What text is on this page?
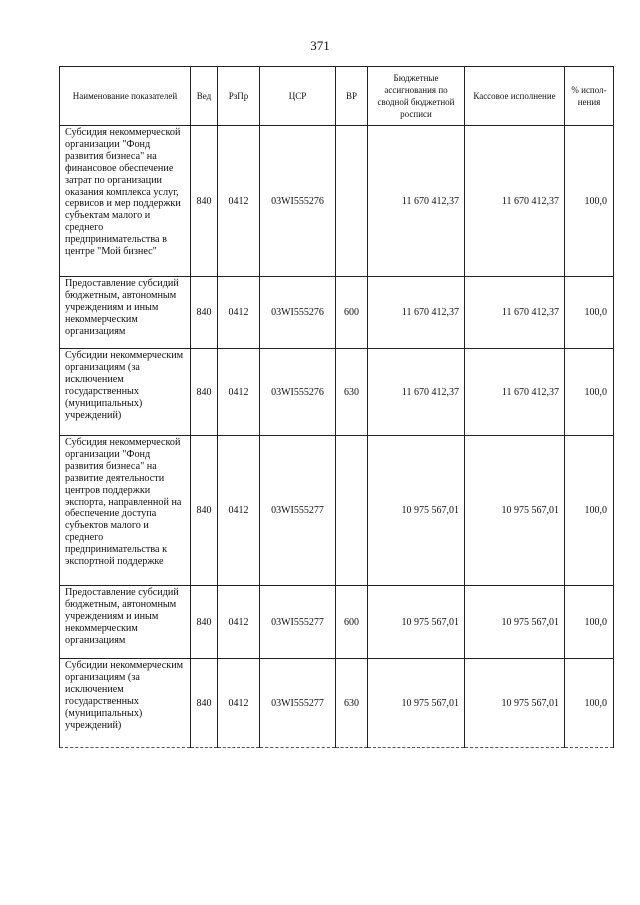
371
Наименование показателей	Вед	РзПр	ЦСР	ВР	Бюджетные ассигнования по сводной бюджетной росписи	Кассовое исполнение	% испол-нения
Субсидия некоммерческой организации "Фонд развития бизнеса" на финансовое обеспечение затрат по организации оказания комплекса услуг, сервисов и мер поддержки субъектам малого и среднего предпринимательства в центре "Мой бизнес"	840	0412	03WI555276		11 670 412,37	11 670 412,37	100,0
Предоставление субсидий бюджетным, автономным учреждениям и иным некоммерческим организациям	840	0412	03WI555276	600	11 670 412,37	11 670 412,37	100,0
Субсидии некоммерческим организациям (за исключением государственных (муниципальных) учреждений)	840	0412	03WI555276	630	11 670 412,37	11 670 412,37	100,0
Субсидия некоммерческой организации "Фонд развития бизнеса" на развитие деятельности центров поддержки экспорта, направленной на обеспечение доступа субъектов малого и среднего предпринимательства к экспортной поддержке	840	0412	03WI555277		10 975 567,01	10 975 567,01	100,0
Предоставление субсидий бюджетным, автономным учреждениям и иным некоммерческим организациям	840	0412	03WI555277	600	10 975 567,01	10 975 567,01	100,0
Субсидии некоммерческим организациям (за исключением государственных (муниципальных) учреждений)	840	0412	03WI555277	630	10 975 567,01	10 975 567,01	100,0
